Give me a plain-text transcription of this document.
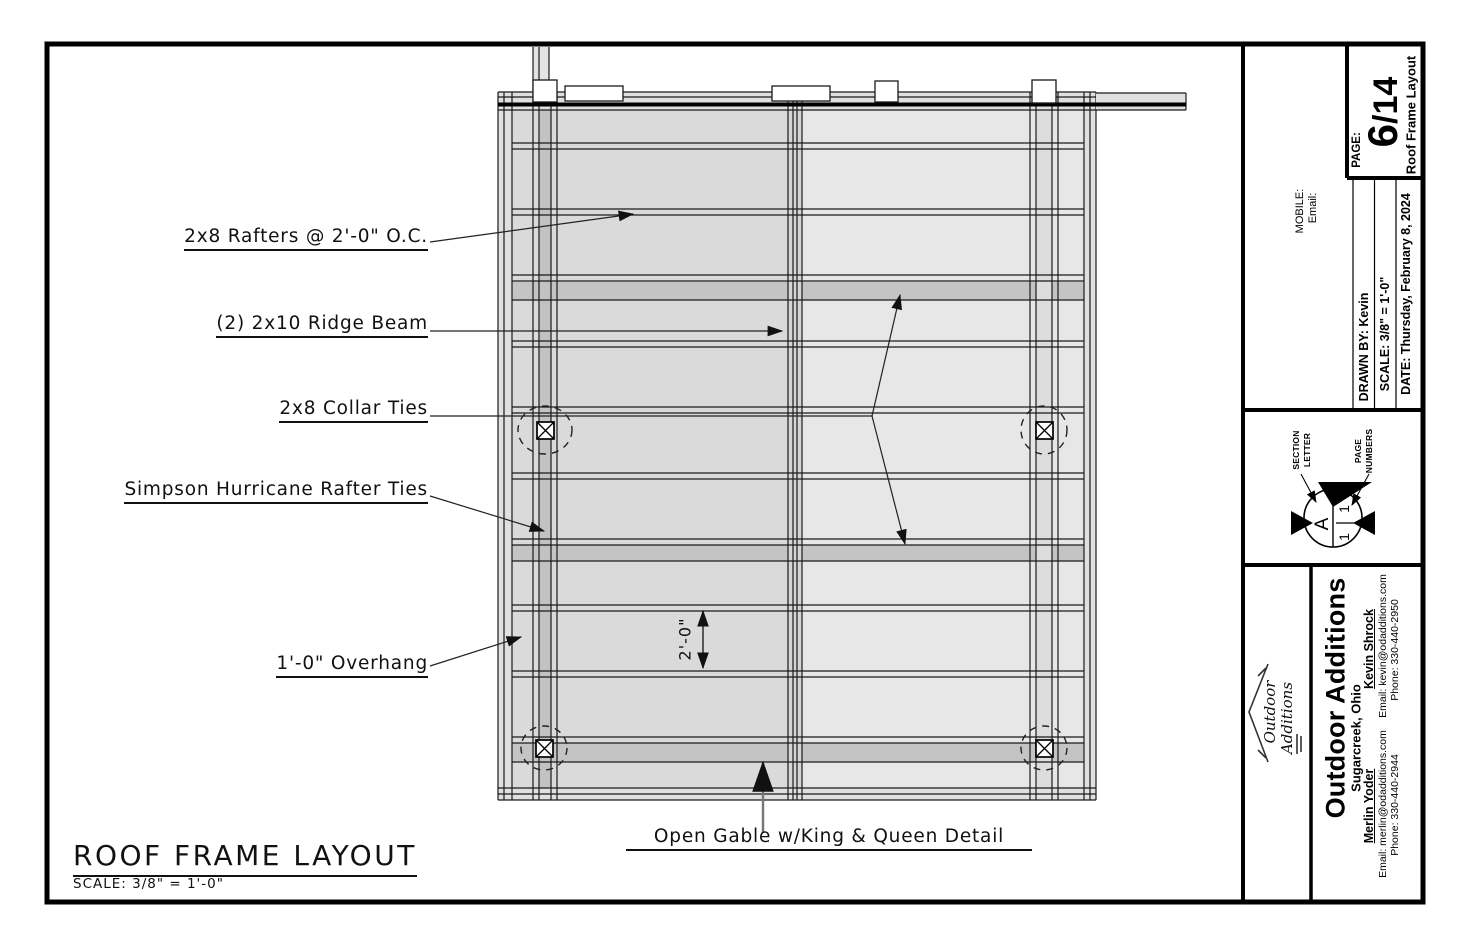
2x8 Rafters @ 2'-0" O.C.
(2) 2x10 Ridge Beam
2x8 Collar Ties
Simpson Hurricane Rafter Ties
1'-0" Overhang
Open Gable w/King & Queen Detail
2'-0"
ROOF FRAME LAYOUT
SCALE: 3/8" = 1'-0"
MOBILE: Email:
PAGE:
6/14
Roof Frame Layout
DRAWN BY: Kevin SCALE: 3/8" = 1'-0" DATE: Thursday, February 8, 2024
SECTION LETTER	PAGE NUMBERS
A
1
1
Outdoor Additions Outdoor Additions
Sugarcreek, Ohio
Merlin Yoder Email: merlin@odadditions.com Phone: 330-440-2944
Kevin Shrock Email: kevin@odadditions.com Phone: 330-440-2950
